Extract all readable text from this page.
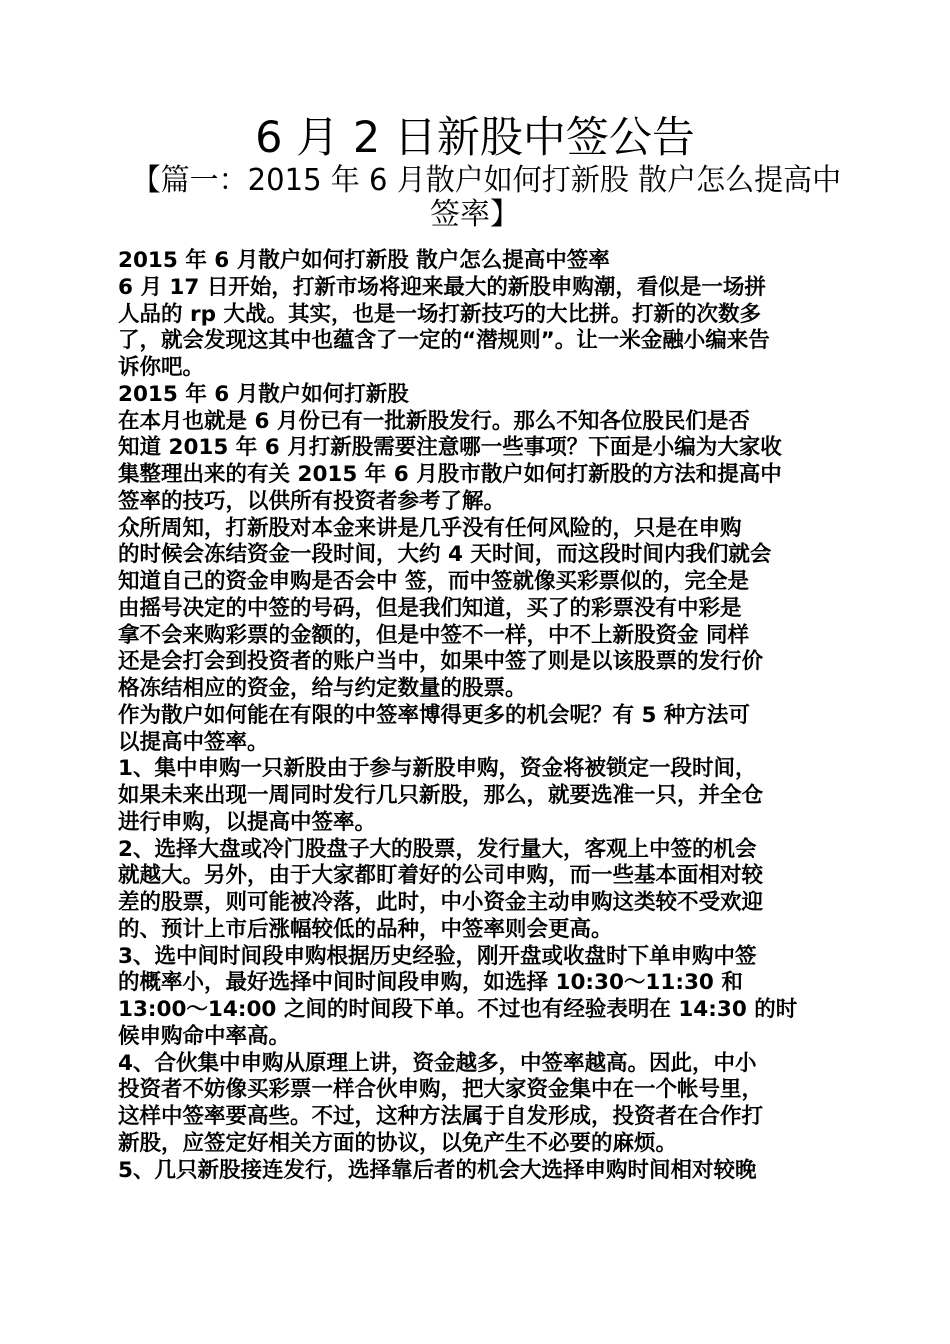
6 月 2 日新股中签公告
【篇一：2015 年 6 月散户如何打新股 散户怎么提高中
签率】
2015 年 6 月散户如何打新股 散户怎么提高中签率
6 月 17 日开始，打新市场将迎来最大的新股申购潮，看似是一场拼
人品的 rp 大战。其实，也是一场打新技巧的大比拼。打新的次数多
了，就会发现这其中也蕴含了一定的“潜规则”。让一米金融小编来告
诉你吧。
2015 年 6 月散户如何打新股
在本月也就是 6 月份已有一批新股发行。那么不知各位股民们是否
知道 2015 年 6 月打新股需要注意哪一些事项？下面是小编为大家收
集整理出来的有关 2015 年 6 月股市散户如何打新股的方法和提高中
签率的技巧，以供所有投资者参考了解。
众所周知，打新股对本金来讲是几乎没有任何风险的，只是在申购
的时候会冻结资金一段时间，大约 4 天时间，而这段时间内我们就会
知道自己的资金申购是否会中 签，而中签就像买彩票似的，完全是
由摇号决定的中签的号码，但是我们知道，买了的彩票没有中彩是
拿不会来购彩票的金额的，但是中签不一样，中不上新股资金 同样
还是会打会到投资者的账户当中，如果中签了则是以该股票的发行价
格冻结相应的资金，给与约定数量的股票。
作为散户如何能在有限的中签率博得更多的机会呢？有 5 种方法可
以提高中签率。
1、集中申购一只新股由于参与新股申购，资金将被锁定一段时间，
如果未来出现一周同时发行几只新股，那么，就要选准一只，并全仓
进行申购，以提高中签率。
2、选择大盘或冷门股盘子大的股票，发行量大，客观上中签的机会
就越大。另外，由于大家都盯着好的公司申购，而一些基本面相对较
差的股票，则可能被冷落，此时，中小资金主动申购这类较不受欢迎
的、预计上市后涨幅较低的品种，中签率则会更高。
3、选中间时间段申购根据历史经验，刚开盘或收盘时下单申购中签
的概率小，最好选择中间时间段申购，如选择 10:30～11:30 和
13:00～14:00 之间的时间段下单。不过也有经验表明在 14:30 的时
候申购命中率高。
4、合伙集中申购从原理上讲，资金越多，中签率越高。因此，中小
投资者不妨像买彩票一样合伙申购，把大家资金集中在一个帐号里，
这样中签率要高些。不过，这种方法属于自发形成，投资者在合作打
新股，应签定好相关方面的协议，以免产生不必要的麻烦。
5、几只新股接连发行，选择靠后者的机会大选择申购时间相对较晚
